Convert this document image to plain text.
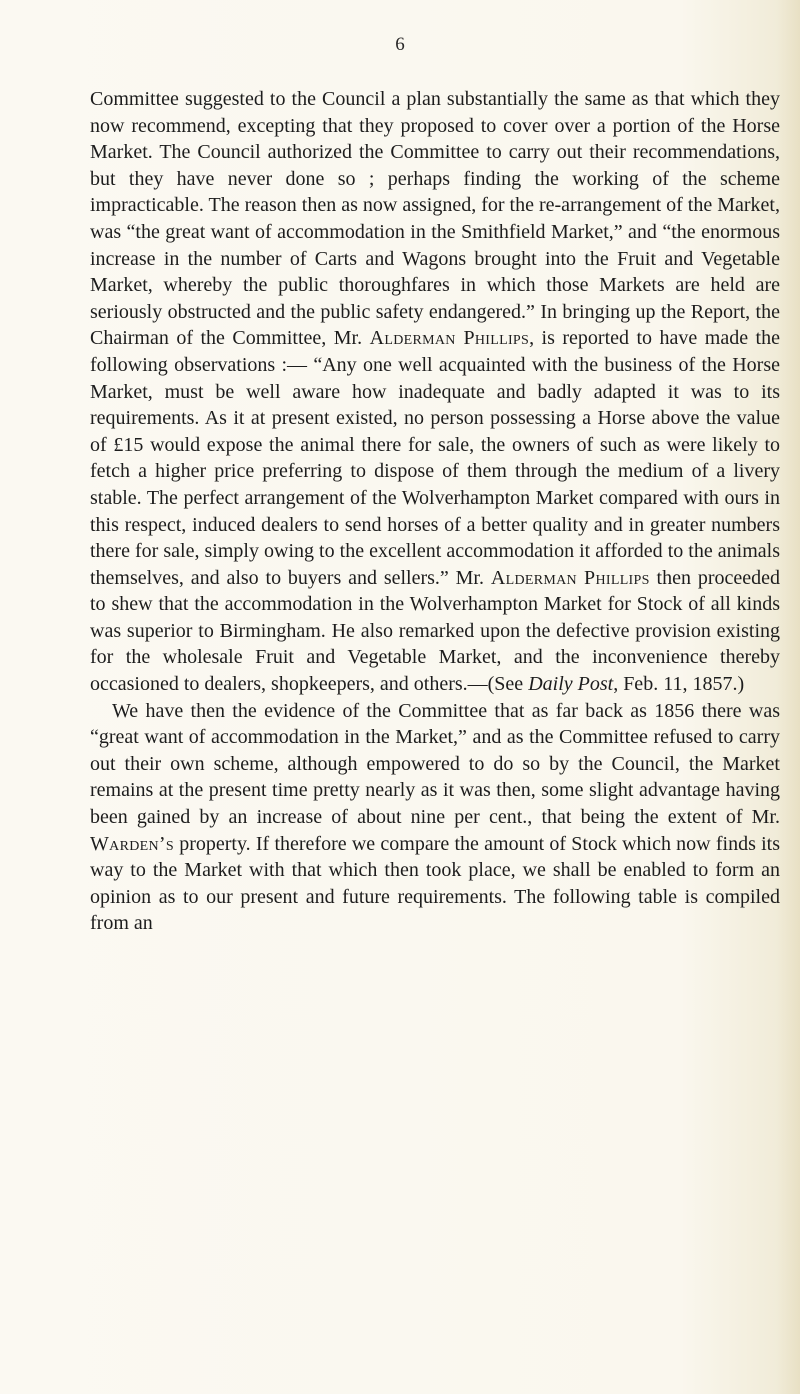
6

Committee suggested to the Council a plan substantially the same as that which they now recommend, excepting that they proposed to cover over a portion of the Horse Market. The Council authorized the Committee to carry out their recommendations, but they have never done so ; perhaps finding the working of the scheme impracticable. The reason then as now assigned, for the re-arrangement of the Market, was “the great want of accommodation in the Smithfield Market,” and “the enormous increase in the number of Carts and Wagons brought into the Fruit and Vegetable Market, whereby the public thoroughfares in which those Markets are held are seriously obstructed and the public safety endangered.” In bringing up the Report, the Chairman of the Committee, Mr. Alderman Phillips, is reported to have made the following observations :— “Any one well acquainted with the business of the Horse Market, must be well aware how inadequate and badly adapted it was to its requirements. As it at present existed, no person possessing a Horse above the value of £15 would expose the animal there for sale, the owners of such as were likely to fetch a higher price preferring to dispose of them through the medium of a livery stable. The perfect arrangement of the Wolverhampton Market compared with ours in this respect, induced dealers to send horses of a better quality and in greater numbers there for sale, simply owing to the excellent accommodation it afforded to the animals themselves, and also to buyers and sellers.” Mr. Alderman Phillips then proceeded to shew that the accommodation in the Wolverhampton Market for Stock of all kinds was superior to Birmingham. He also remarked upon the defective provision existing for the wholesale Fruit and Vegetable Market, and the inconvenience thereby occasioned to dealers, shopkeepers, and others.—(See Daily Post, Feb. 11, 1857.)

We have then the evidence of the Committee that as far back as 1856 there was “great want of accommodation in the Market,” and as the Committee refused to carry out their own scheme, although empowered to do so by the Council, the Market remains at the present time pretty nearly as it was then, some slight advantage having been gained by an increase of about nine per cent., that being the extent of Mr. Warden’s property. If therefore we compare the amount of Stock which now finds its way to the Market with that which then took place, we shall be enabled to form an opinion as to our present and future requirements. The following table is compiled from an
